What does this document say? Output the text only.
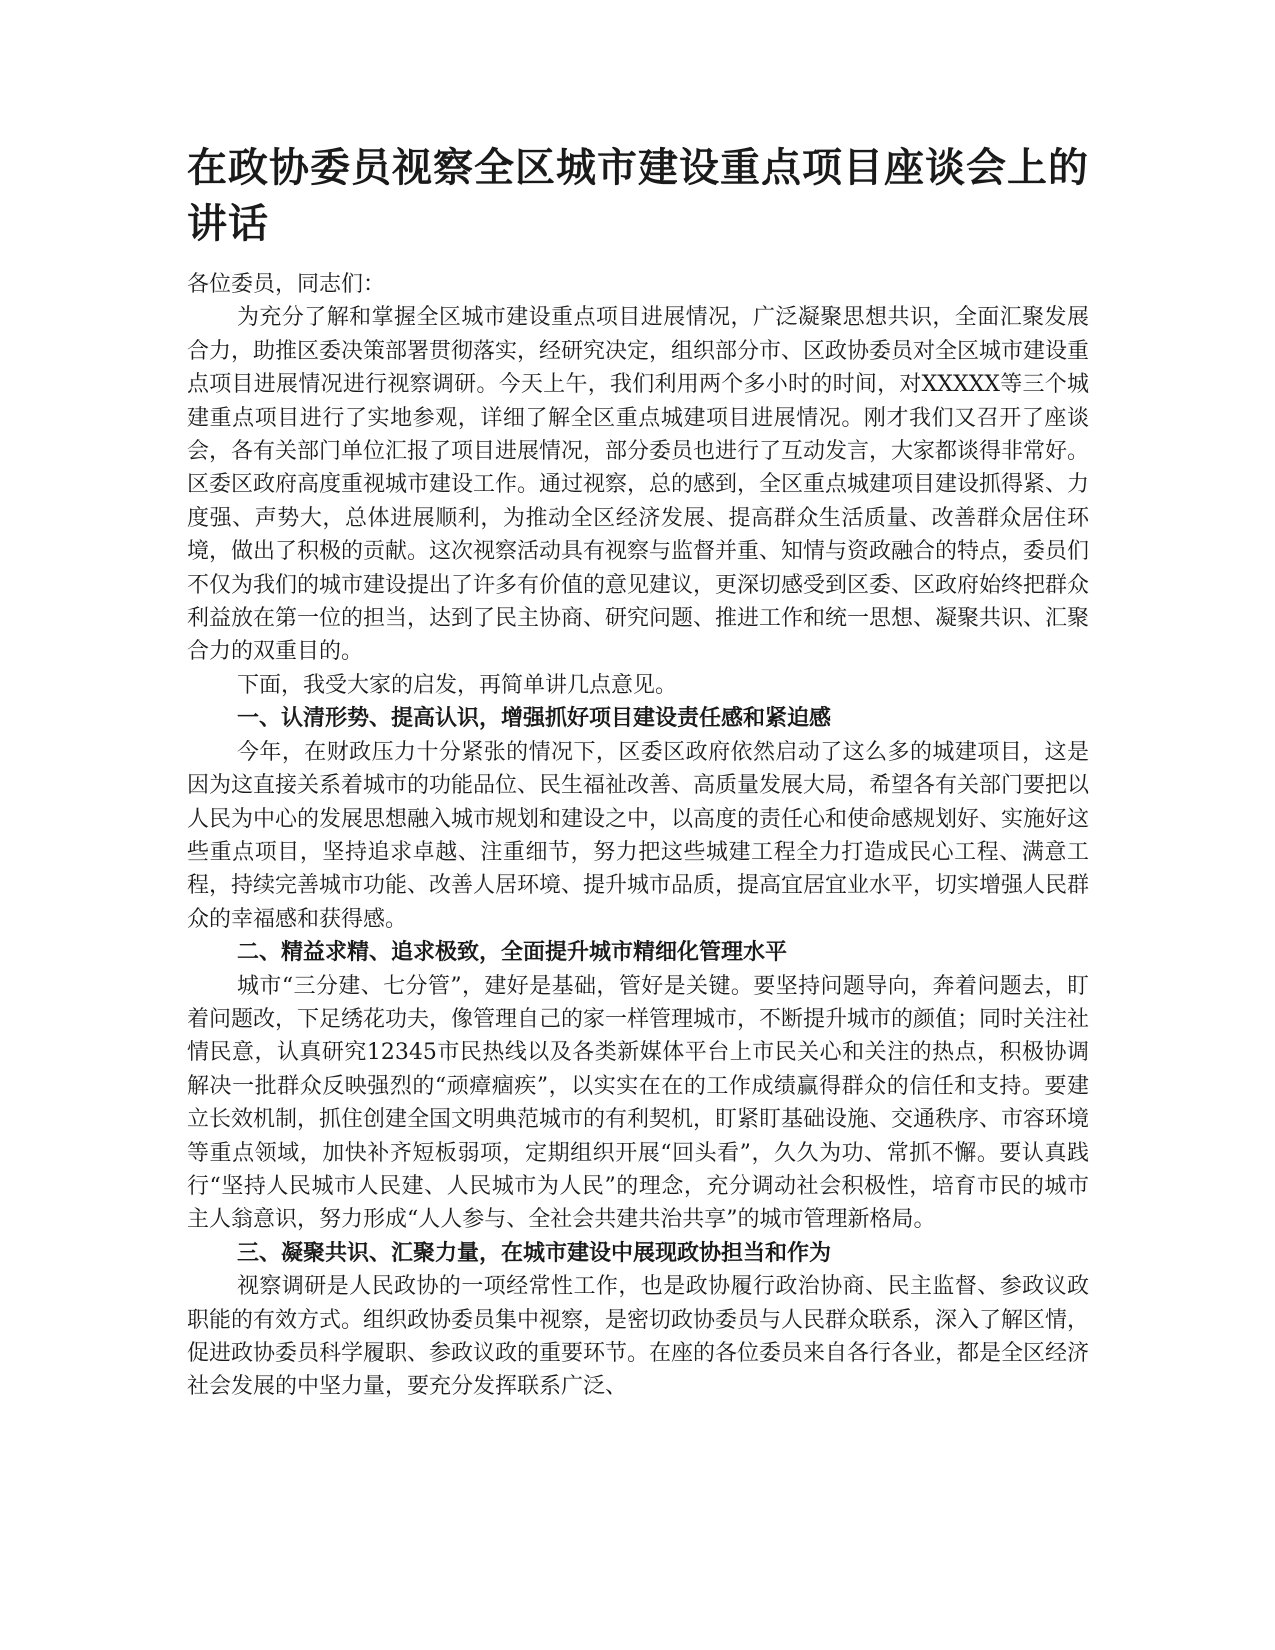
在政协委员视察全区城市建设重点项目座谈会上的讲话

各位委员，同志们：

为充分了解和掌握全区城市建设重点项目进展情况，广泛凝聚思想共识，全面汇聚发展合力，助推区委决策部署贯彻落实，经研究决定，组织部分市、区政协委员对全区城市建设重点项目进展情况进行视察调研。今天上午，我们利用两个多小时的时间，对XXXXX等三个城建重点项目进行了实地参观，详细了解全区重点城建项目进展情况。刚才我们又召开了座谈会，各有关部门单位汇报了项目进展情况，部分委员也进行了互动发言，大家都谈得非常好。区委区政府高度重视城市建设工作。通过视察，总的感到，全区重点城建项目建设抓得紧、力度强、声势大，总体进展顺利，为推动全区经济发展、提高群众生活质量、改善群众居住环境，做出了积极的贡献。这次视察活动具有视察与监督并重、知情与资政融合的特点，委员们不仅为我们的城市建设提出了许多有价值的意见建议，更深切感受到区委、区政府始终把群众利益放在第一位的担当，达到了民主协商、研究问题、推进工作和统一思想、凝聚共识、汇聚合力的双重目的。

下面，我受大家的启发，再简单讲几点意见。

一、认清形势、提高认识，增强抓好项目建设责任感和紧迫感

今年，在财政压力十分紧张的情况下，区委区政府依然启动了这么多的城建项目，这是因为这直接关系着城市的功能品位、民生福祉改善、高质量发展大局，希望各有关部门要把以人民为中心的发展思想融入城市规划和建设之中，以高度的责任心和使命感规划好、实施好这些重点项目，坚持追求卓越、注重细节，努力把这些城建工程全力打造成民心工程、满意工程，持续完善城市功能、改善人居环境、提升城市品质，提高宜居宜业水平，切实增强人民群众的幸福感和获得感。

二、精益求精、追求极致，全面提升城市精细化管理水平

城市“三分建、七分管”，建好是基础，管好是关键。要坚持问题导向，奔着问题去，盯着问题改，下足绣花功夫，像管理自己的家一样管理城市，不断提升城市的颜值；同时关注社情民意，认真研究12345市民热线以及各类新媒体平台上市民关心和关注的热点，积极协调解决一批群众反映强烈的“顽瘴痼疾”，以实实在在的工作成绩赢得群众的信任和支持。要建立长效机制，抓住创建全国文明典范城市的有利契机，盯紧盯基础设施、交通秩序、市容环境等重点领域，加快补齐短板弱项，定期组织开展“回头看”，久久为功、常抓不懈。要认真践行“坚持人民城市人民建、人民城市为人民”的理念，充分调动社会积极性，培育市民的城市主人翁意识，努力形成“人人参与、全社会共建共治共享”的城市管理新格局。

三、凝聚共识、汇聚力量，在城市建设中展现政协担当和作为

视察调研是人民政协的一项经常性工作，也是政协履行政治协商、民主监督、参政议政职能的有效方式。组织政协委员集中视察，是密切政协委员与人民群众联系，深入了解区情，促进政协委员科学履职、参政议政的重要环节。在座的各位委员来自各行各业，都是全区经济社会发展的中坚力量，要充分发挥联系广泛、
